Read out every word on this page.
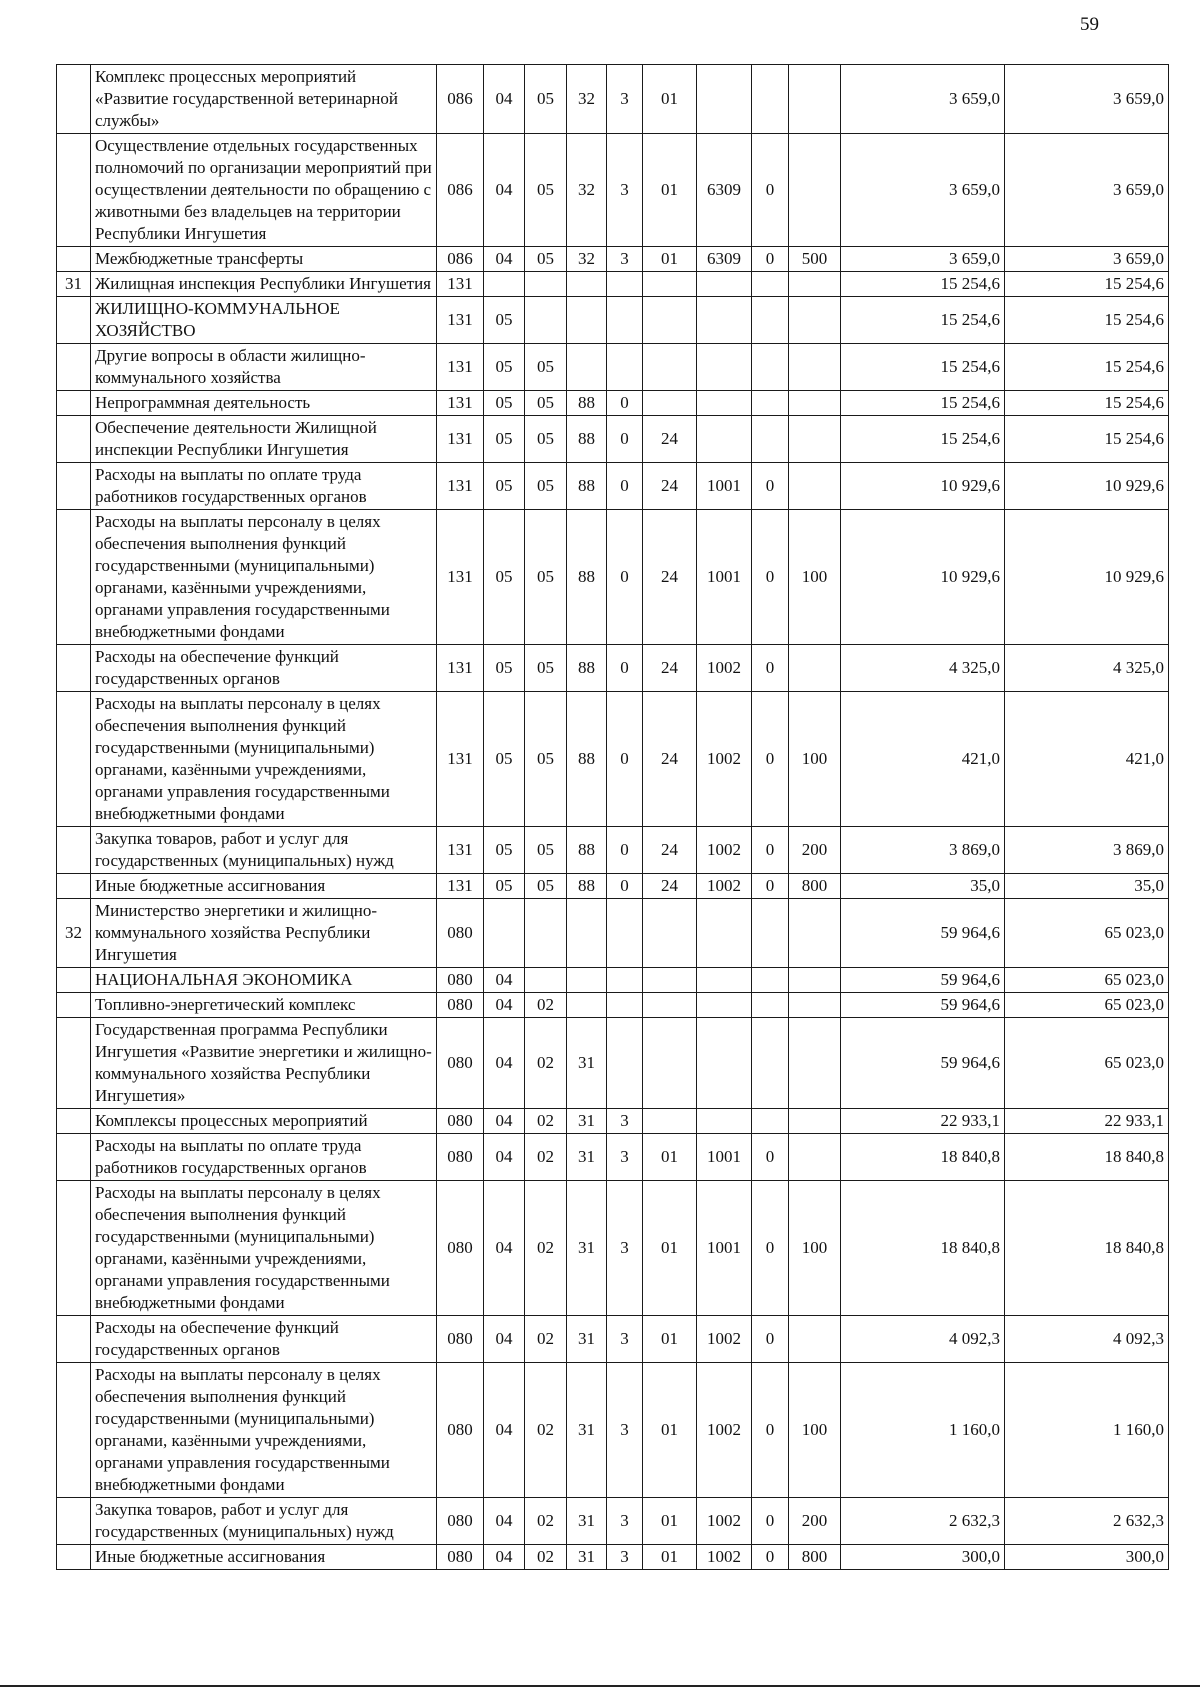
59
	Комплекс процессных мероприятий «Развитие государственной ветеринарной службы»	086	04	05	32	3	01				3 659,0	3 659,0
	Осуществление отдельных государственных полномочий по организации мероприятий при осуществлении деятельности по обращению с животными без владельцев на территории Республики Ингушетия	086	04	05	32	3	01	6309	0		3 659,0	3 659,0
	Межбюджетные трансферты	086	04	05	32	3	01	6309	0	500	3 659,0	3 659,0
31	Жилищная инспекция Республики Ингушетия	131									15 254,6	15 254,6
	ЖИЛИЩНО-КОММУНАЛЬНОЕ ХОЗЯЙСТВО	131	05								15 254,6	15 254,6
	Другие вопросы в области жилищно-коммунального хозяйства	131	05	05							15 254,6	15 254,6
	Непрограммная деятельность	131	05	05	88	0					15 254,6	15 254,6
	Обеспечение деятельности Жилищной инспекции Республики Ингушетия	131	05	05	88	0	24				15 254,6	15 254,6
	Расходы на выплаты по оплате труда работников государственных органов	131	05	05	88	0	24	1001	0		10 929,6	10 929,6
	Расходы на выплаты персоналу в целях обеспечения выполнения функций государственными (муниципальными) органами, казёнными учреждениями, органами управления государственными внебюджетными фондами	131	05	05	88	0	24	1001	0	100	10 929,6	10 929,6
	Расходы на обеспечение функций государственных органов	131	05	05	88	0	24	1002	0		4 325,0	4 325,0
	Расходы на выплаты персоналу в целях обеспечения выполнения функций государственными (муниципальными) органами, казёнными учреждениями, органами управления государственными внебюджетными фондами	131	05	05	88	0	24	1002	0	100	421,0	421,0
	Закупка товаров, работ и услуг для государственных (муниципальных) нужд	131	05	05	88	0	24	1002	0	200	3 869,0	3 869,0
	Иные бюджетные ассигнования	131	05	05	88	0	24	1002	0	800	35,0	35,0
32	Министерство энергетики и жилищно-коммунального хозяйства Республики Ингушетия	080									59 964,6	65 023,0
	НАЦИОНАЛЬНАЯ ЭКОНОМИКА	080	04								59 964,6	65 023,0
	Топливно-энергетический комплекс	080	04	02							59 964,6	65 023,0
	Государственная программа Республики Ингушетия «Развитие энергетики и жилищно-коммунального хозяйства Республики Ингушетия»	080	04	02	31						59 964,6	65 023,0
	Комплексы процессных мероприятий	080	04	02	31	3					22 933,1	22 933,1
	Расходы на выплаты по оплате труда работников государственных органов	080	04	02	31	3	01	1001	0		18 840,8	18 840,8
	Расходы на выплаты персоналу в целях обеспечения выполнения функций государственными (муниципальными) органами, казёнными учреждениями, органами управления государственными внебюджетными фондами	080	04	02	31	3	01	1001	0	100	18 840,8	18 840,8
	Расходы на обеспечение функций государственных органов	080	04	02	31	3	01	1002	0		4 092,3	4 092,3
	Расходы на выплаты персоналу в целях обеспечения выполнения функций государственными (муниципальными) органами, казёнными учреждениями, органами управления государственными внебюджетными фондами	080	04	02	31	3	01	1002	0	100	1 160,0	1 160,0
	Закупка товаров, работ и услуг для государственных (муниципальных) нужд	080	04	02	31	3	01	1002	0	200	2 632,3	2 632,3
	Иные бюджетные ассигнования	080	04	02	31	3	01	1002	0	800	300,0	300,0
